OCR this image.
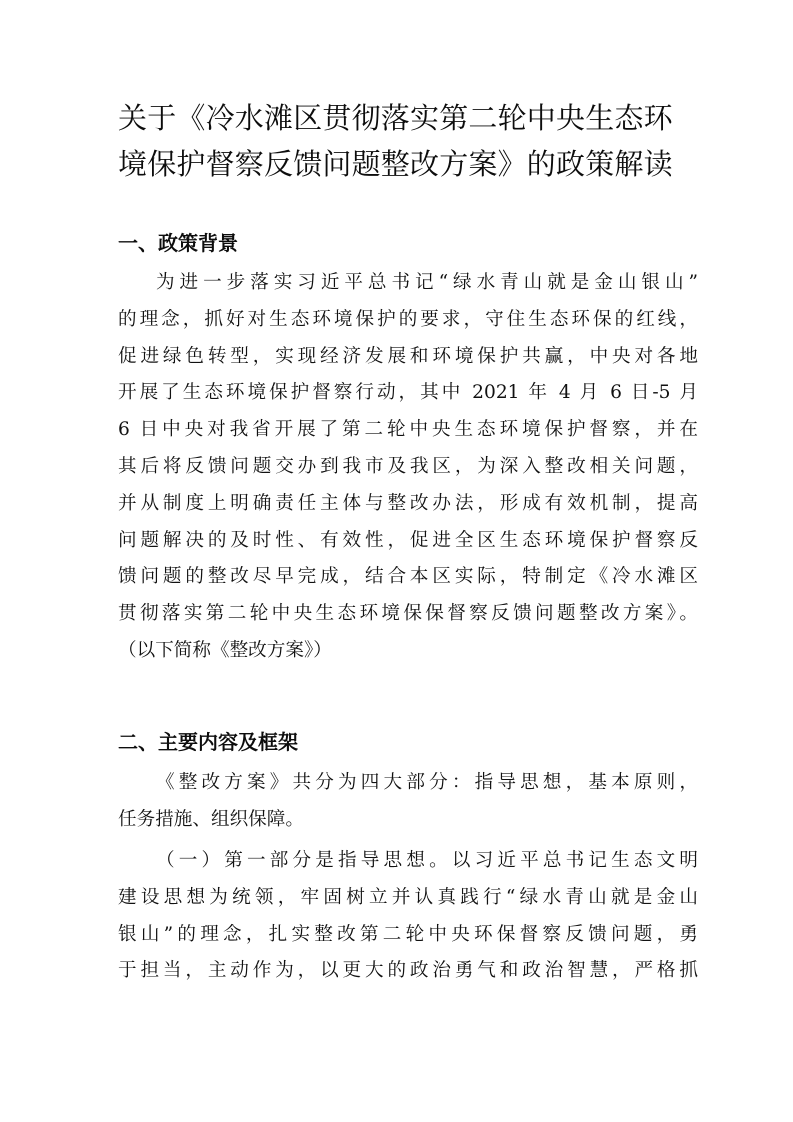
关于《冷水滩区贯彻落实第二轮中央生态环
境保护督察反馈问题整改方案》的政策解读
一、政策背景
为进一步落实习近平总书记“绿水青山就是金山银山”
的理念，抓好对生态环境保护的要求，守住生态环保的红线，
促进绿色转型，实现经济发展和环境保护共赢，中央对各地
开展了生态环境保护督察行动，其中 2021 年 4 月 6 日-5 月
6 日中央对我省开展了第二轮中央生态环境保护督察，并在
其后将反馈问题交办到我市及我区，为深入整改相关问题，
并从制度上明确责任主体与整改办法，形成有效机制，提高
问题解决的及时性、有效性，促进全区生态环境保护督察反
馈问题的整改尽早完成，结合本区实际，特制定《冷水滩区
贯彻落实第二轮中央生态环境保保督察反馈问题整改方案》。
（以下简称《整改方案》）
二、主要内容及框架
《整改方案》共分为四大部分：指导思想，基本原则，
任务措施、组织保障。
（一）第一部分是指导思想。以习近平总书记生态文明
建设思想为统领，牢固树立并认真践行“绿水青山就是金山
银山”的理念，扎实整改第二轮中央环保督察反馈问题，勇
于担当，主动作为，以更大的政治勇气和政治智慧，严格抓
